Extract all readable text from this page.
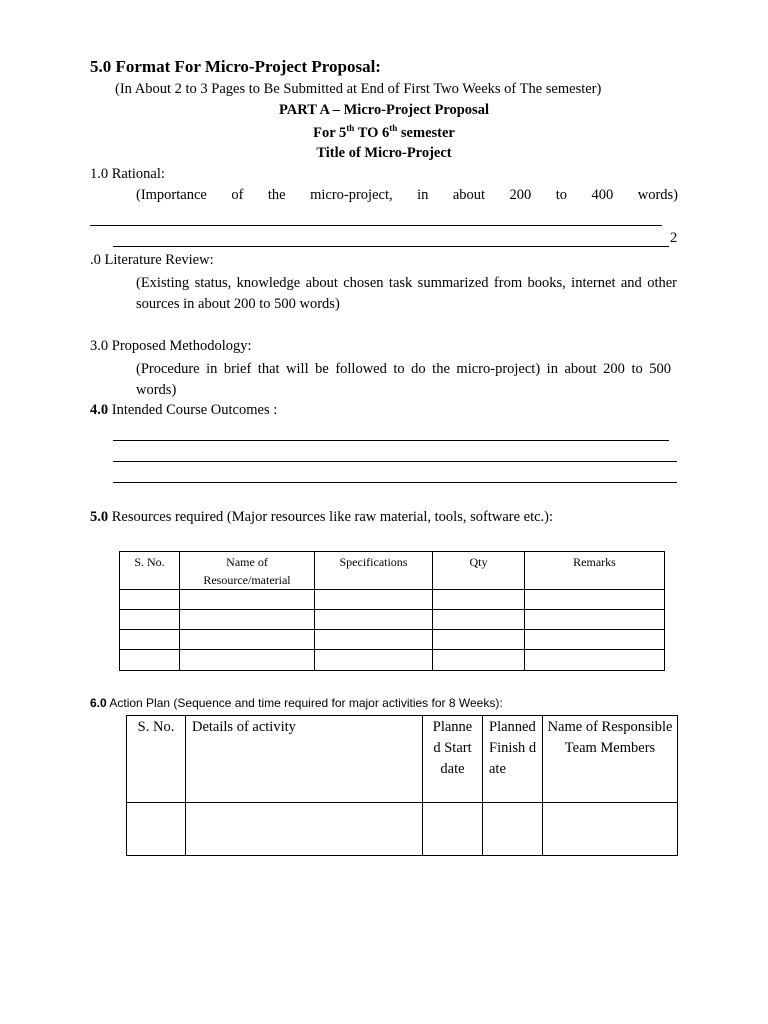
5.0 Format For Micro-Project Proposal:
(In About 2 to 3 Pages to Be Submitted at End of First Two Weeks of The semester)
PART A – Micro-Project Proposal
For 5th TO 6th semester
Title of Micro-Project
1.0 Rational:
(Importance of the micro-project, in about 200 to 400 words)
2
.0 Literature Review:
(Existing status, knowledge about chosen task summarized from books, internet and other sources in about 200 to 500 words)
3.0 Proposed Methodology:
(Procedure in brief that will be followed to do the micro-project) in about 200 to 500 words)
4.0 Intended Course Outcomes :
5.0 Resources required (Major resources like raw material, tools, software etc.):
S. No.	Name of Resource/material	Specifications	Qty	Remarks

6.0 Action Plan (Sequence and time required for major activities for 8 Weeks):
S. No.	Details of activity	Planned Start date	Planned Finish date	Name of Responsible Team Members
